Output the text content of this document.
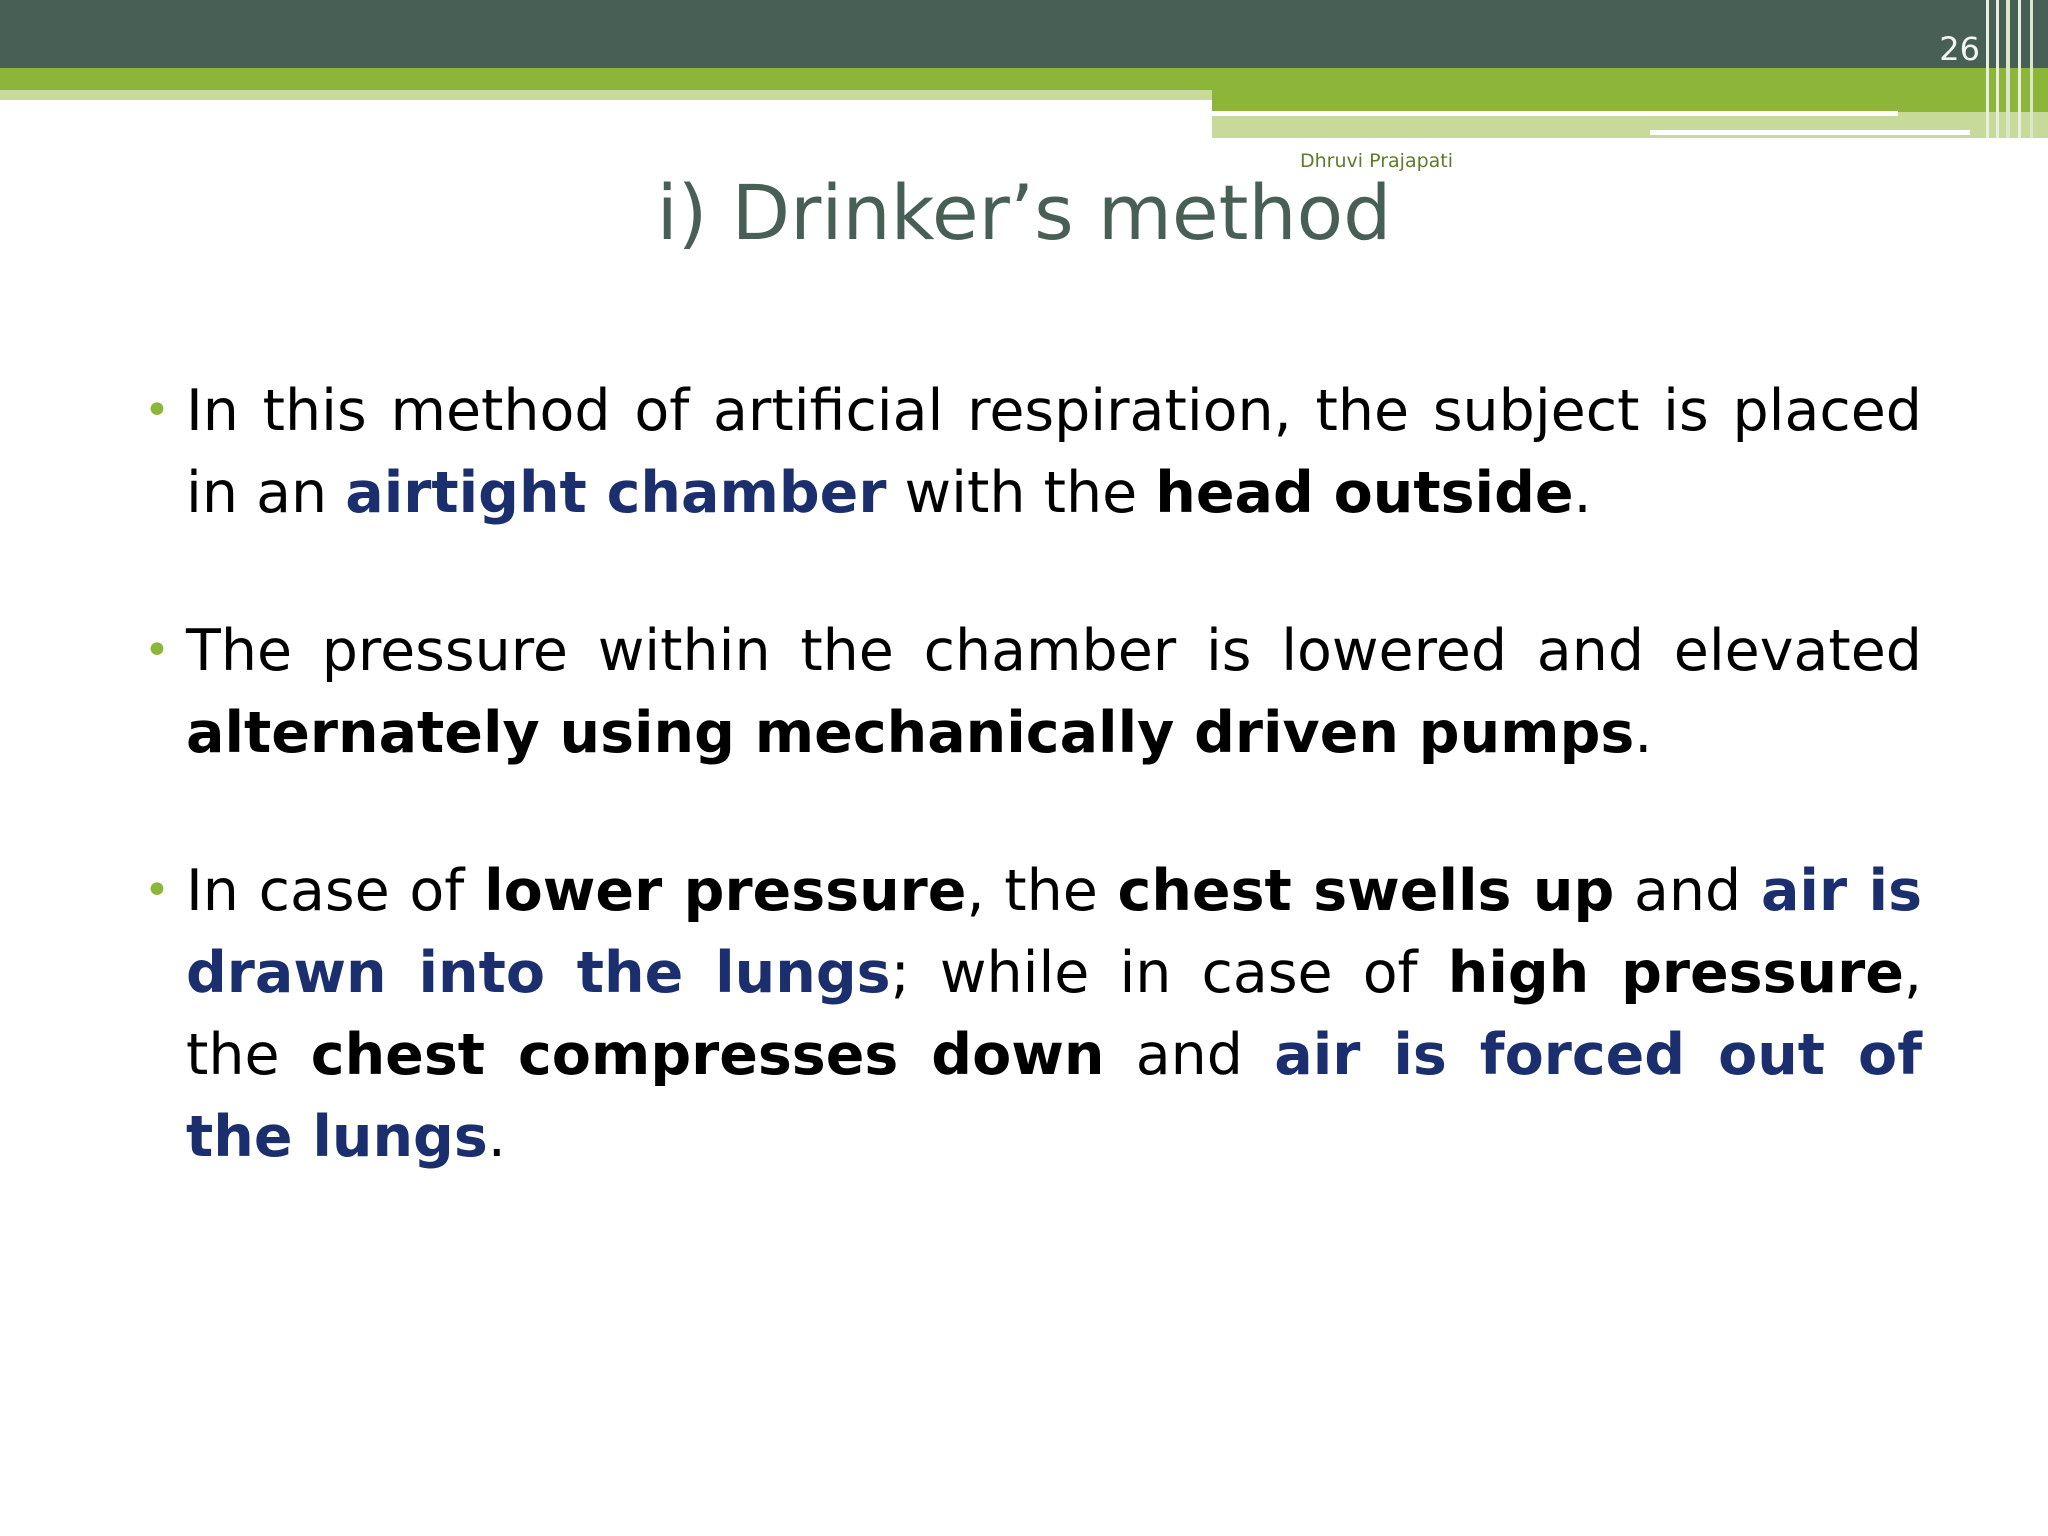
26
Dhruvi Prajapati
i) Drinker’s method
• In this method of artificial respiration, the subject is placed in an airtight chamber with the head outside.
• The pressure within the chamber is lowered and elevated alternately using mechanically driven pumps.
• In case of lower pressure, the chest swells up and air is drawn into the lungs; while in case of high pressure, the chest compresses down and air is forced out of the lungs.
